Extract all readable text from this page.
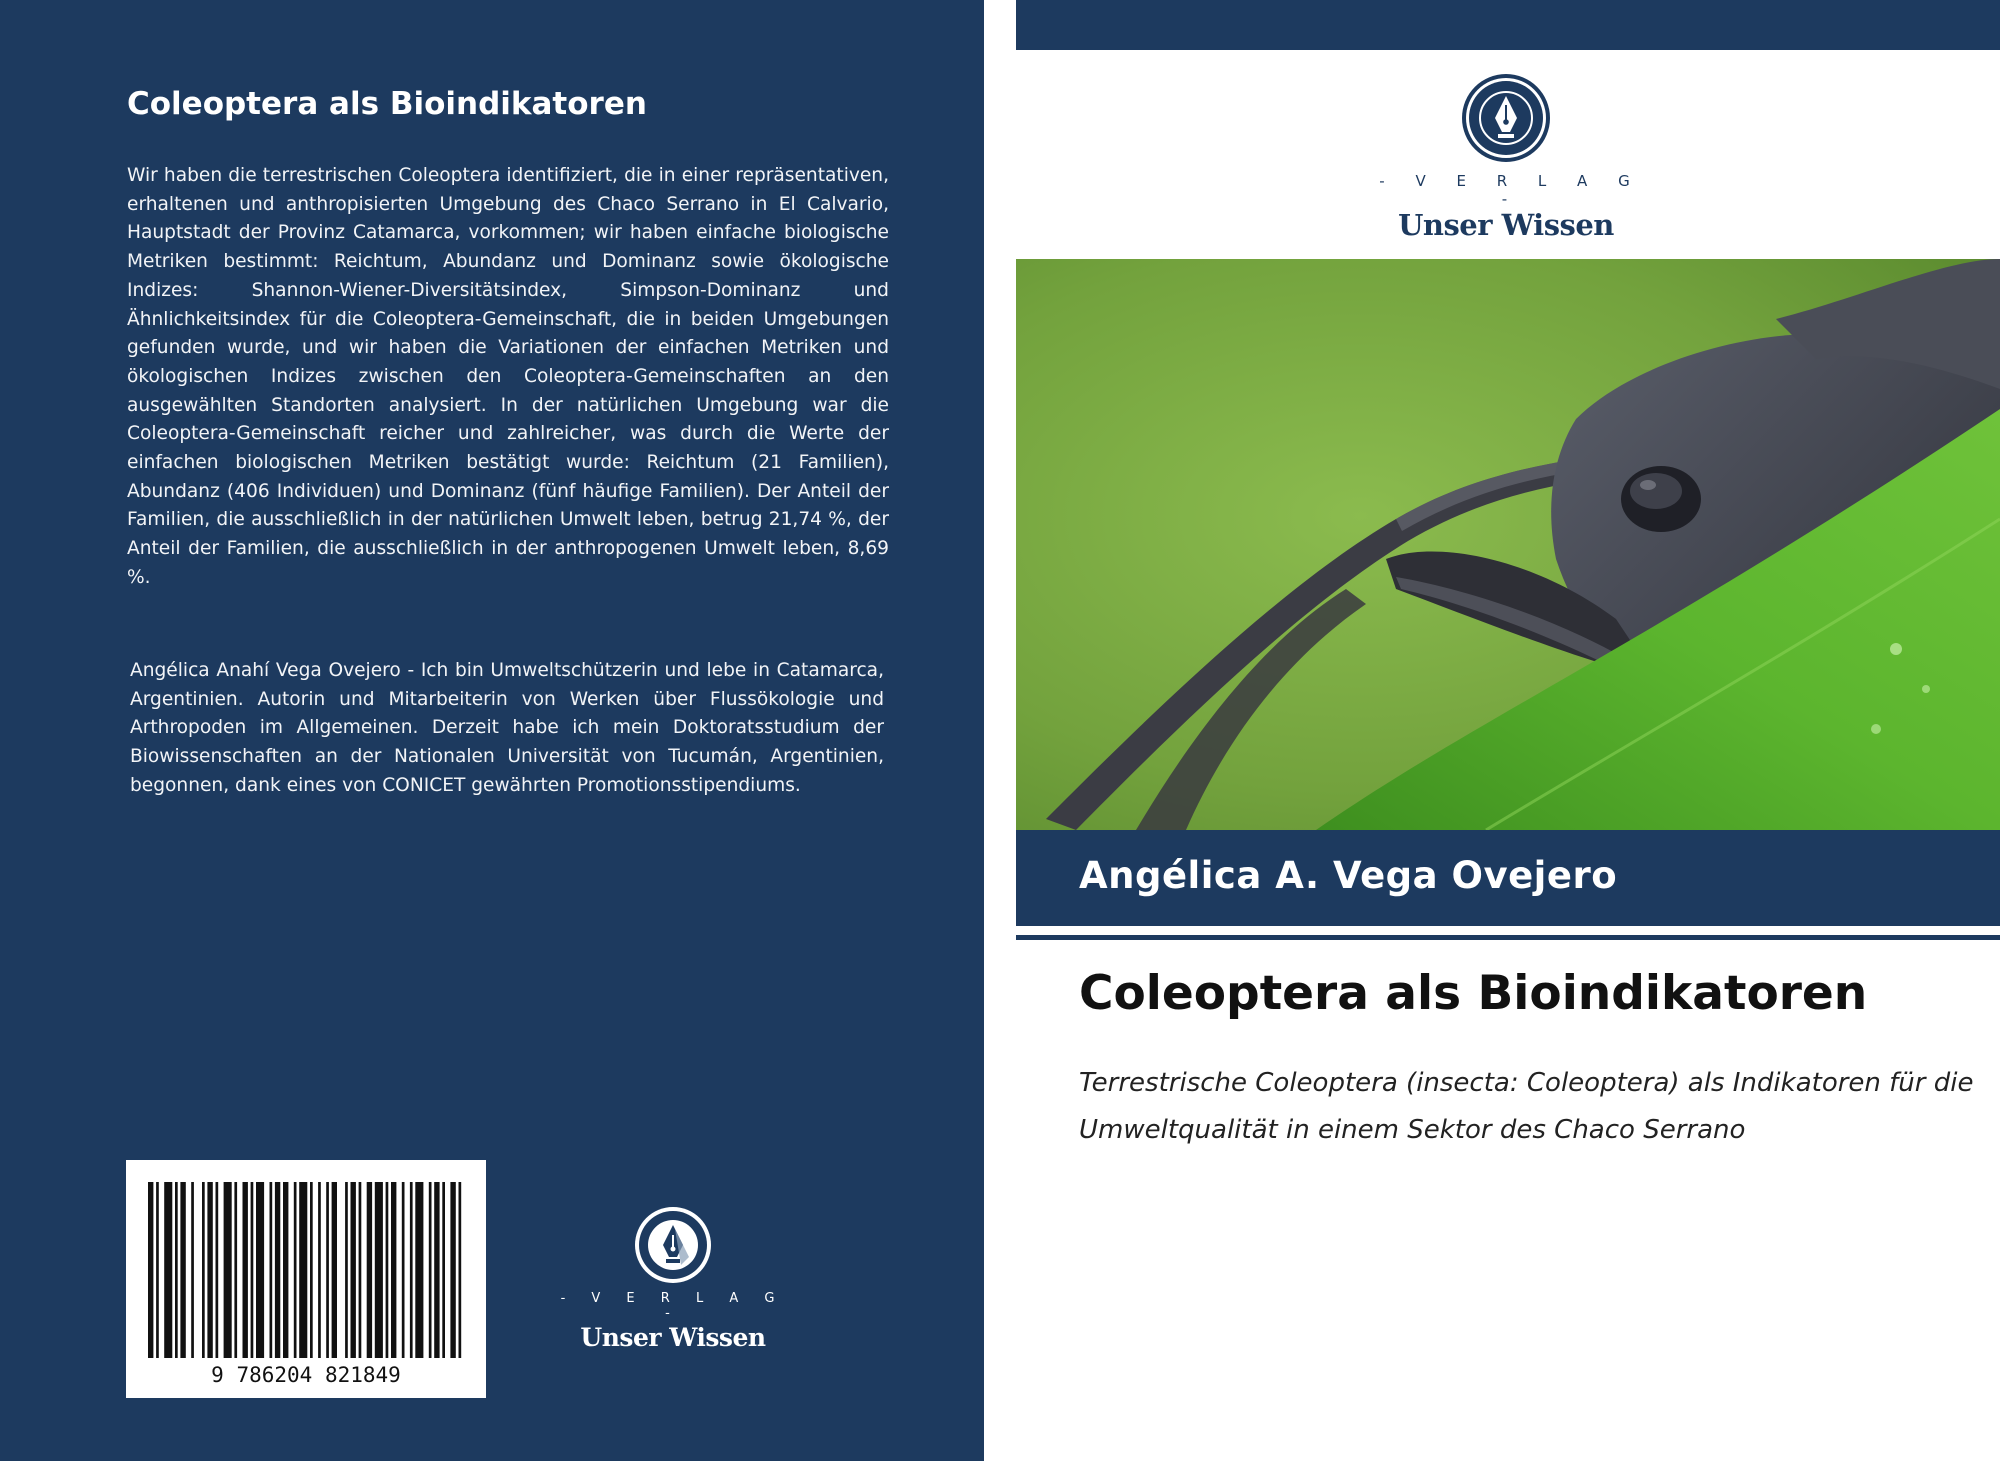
Coleoptera als Bioindikatoren

Wir haben die terrestrischen Coleoptera identifiziert, die in einer repräsentativen, erhaltenen und anthropisierten Umgebung des Chaco Serrano in El Calvario, Hauptstadt der Provinz Catamarca, vorkommen; wir haben einfache biologische Metriken bestimmt: Reichtum, Abundanz und Dominanz sowie ökologische Indizes: Shannon-Wiener-Diversitätsindex, Simpson-Dominanz und Ähnlichkeitsindex für die Coleoptera-Gemeinschaft, die in beiden Umgebungen gefunden wurde, und wir haben die Variationen der einfachen Metriken und ökologischen Indizes zwischen den Coleoptera-Gemeinschaften an den ausgewählten Standorten analysiert. In der natürlichen Umgebung war die Coleoptera-Gemeinschaft reicher und zahlreicher, was durch die Werte der einfachen biologischen Metriken bestätigt wurde: Reichtum (21 Familien), Abundanz (406 Individuen) und Dominanz (fünf häufige Familien). Der Anteil der Familien, die ausschließlich in der natürlichen Umwelt leben, betrug 21,74 %, der Anteil der Familien, die ausschließlich in der anthropogenen Umwelt leben, 8,69 %.

Angélica Anahí Vega Ovejero - Ich bin Umweltschützerin und lebe in Catamarca, Argentinien. Autorin und Mitarbeiterin von Werken über Flussökologie und Arthropoden im Allgemeinen. Derzeit habe ich mein Doktoratsstudium der Biowissenschaften an der Nationalen Universität von Tucumán, Argentinien, begonnen, dank eines von CONICET gewährten Promotionsstipendiums.

9 786204 821849
- V E R L A G -
Unser Wissen
- V E R L A G -
Unser Wissen
Angélica A. Vega Ovejero
Coleoptera als Bioindikatoren

Terrestrische Coleoptera (insecta: Coleoptera) als Indikatoren für die Umweltqualität in einem Sektor des Chaco Serrano
